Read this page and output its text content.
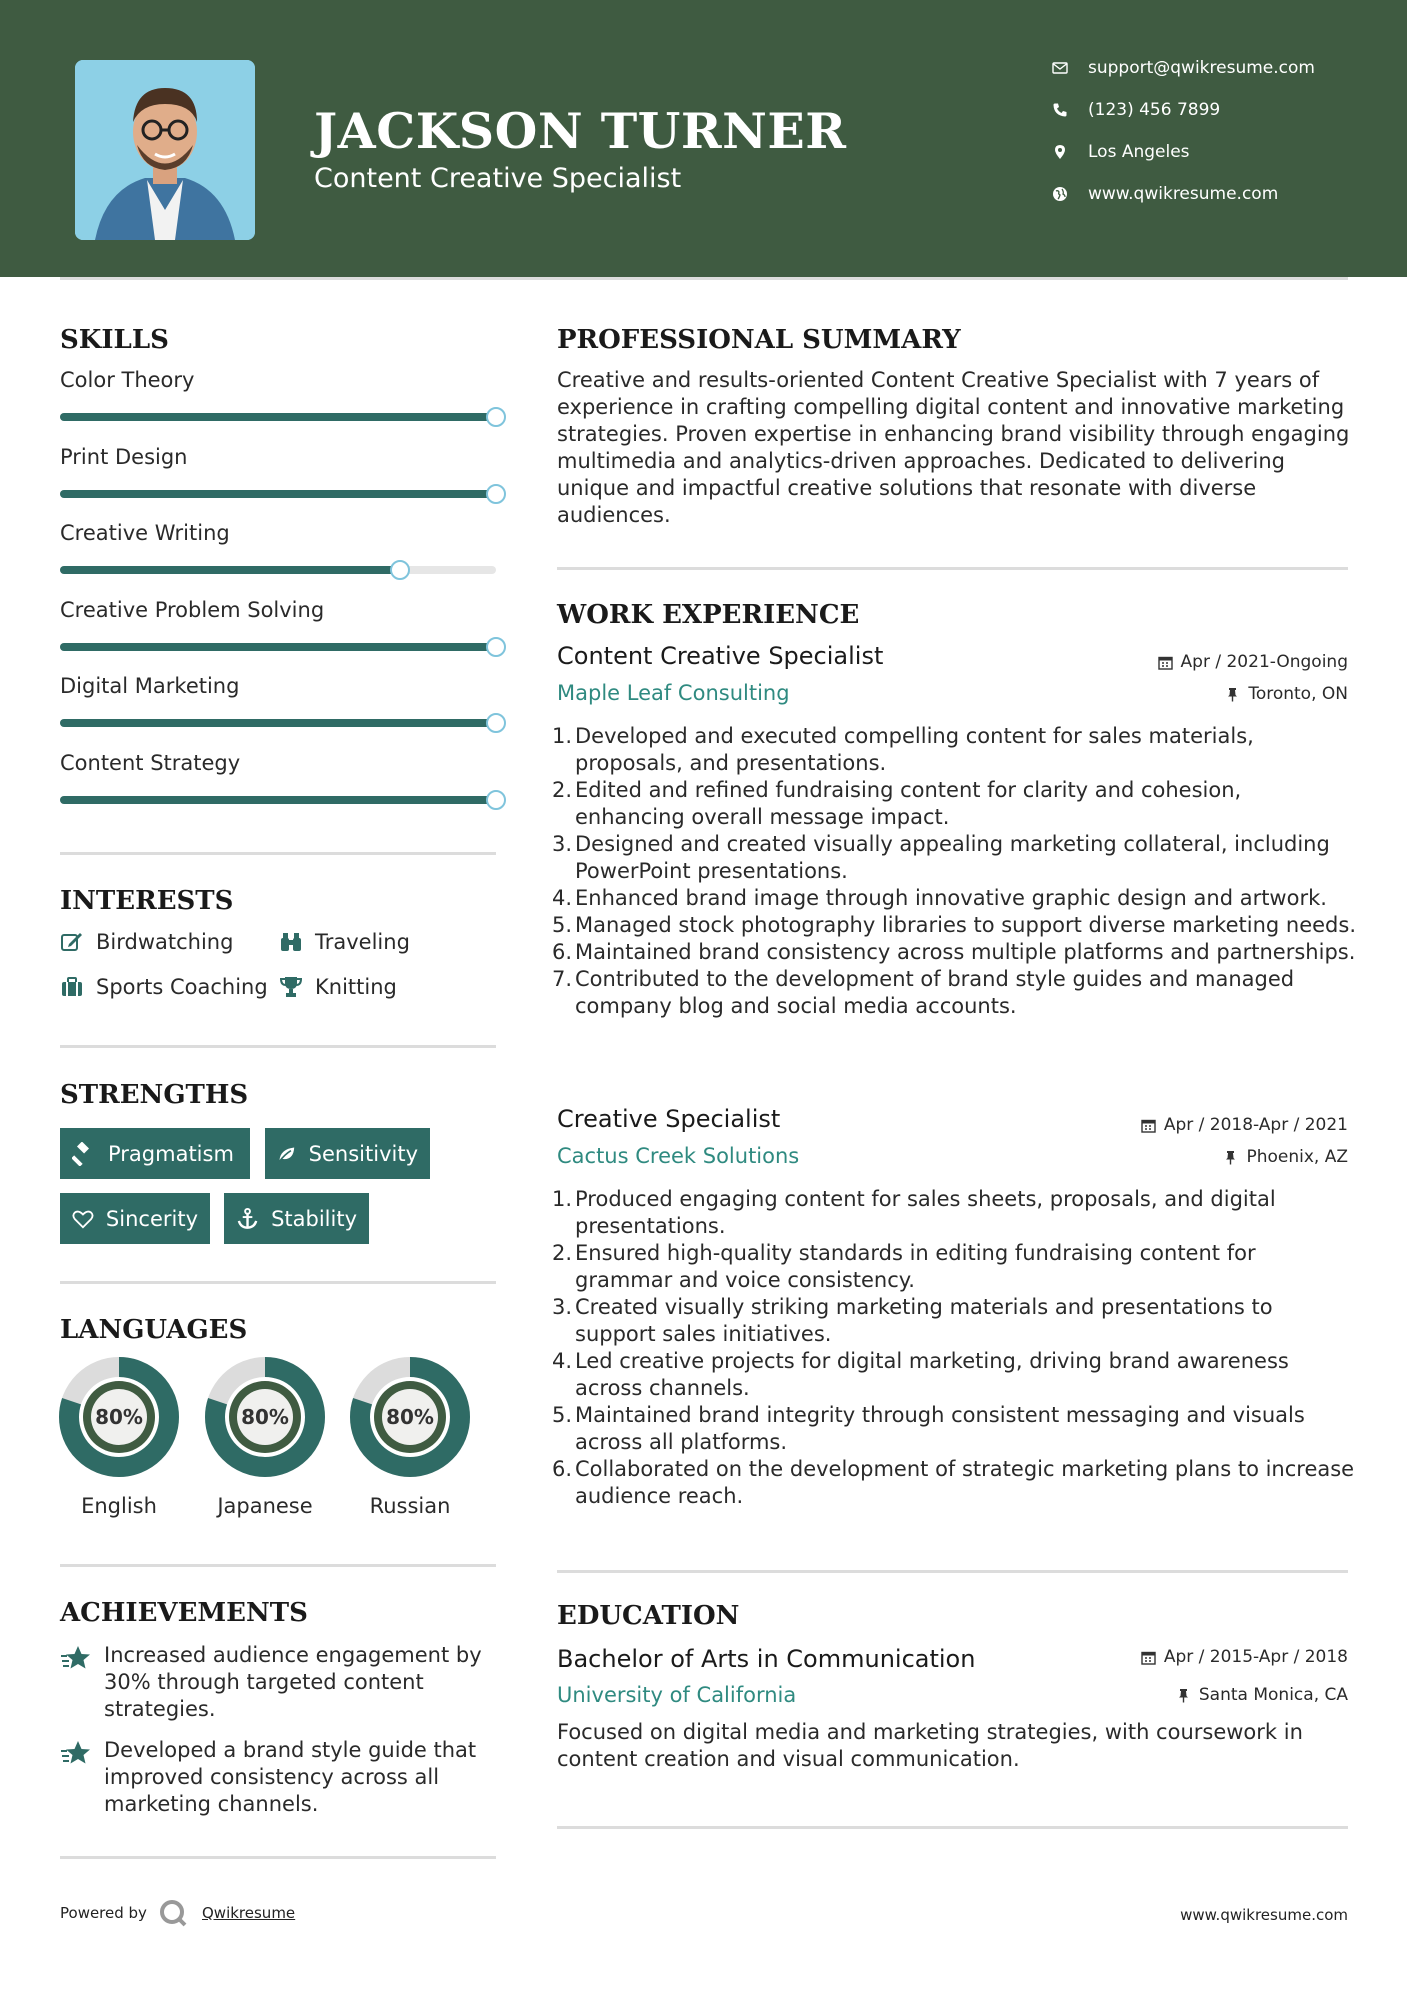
JACKSON TURNER
Content Creative Specialist
support@qwikresume.com
(123) 456 7899
Los Angeles
www.qwikresume.com
SKILLS
Color Theory
Print Design
Creative Writing
Creative Problem Solving
Digital Marketing
Content Strategy
INTERESTS
Birdwatching	Traveling
Sports Coaching Knitting
STRENGTHS
Pragmatism	Sensitivity
Sincerity	Stability
LANGUAGES
80%
English
80%
Japanese
80%
Russian
ACHIEVEMENTS
Increased audience engagement by 30% through targeted content strategies.
Developed a brand style guide that improved consistency across all marketing channels.
PROFESSIONAL SUMMARY
Creative and results-oriented Content Creative Specialist with 7 years of experience in crafting compelling digital content and innovative marketing strategies. Proven expertise in enhancing brand visibility through engaging multimedia and analytics-driven approaches. Dedicated to delivering unique and impactful creative solutions that resonate with diverse audiences.
WORK EXPERIENCE
Content Creative Specialist	Apr / 2021-Ongoing
Maple Leaf Consulting	Toronto, ON
1. Developed and executed compelling content for sales materials, proposals, and presentations.
2. Edited and refined fundraising content for clarity and cohesion, enhancing overall message impact.
3. Designed and created visually appealing marketing collateral, including PowerPoint presentations.
4. Enhanced brand image through innovative graphic design and artwork.
5. Managed stock photography libraries to support diverse marketing needs.
6. Maintained brand consistency across multiple platforms and partnerships.
7. Contributed to the development of brand style guides and managed company blog and social media accounts.
Creative Specialist	Apr / 2018-Apr / 2021
Cactus Creek Solutions	Phoenix, AZ
1. Produced engaging content for sales sheets, proposals, and digital presentations.
2. Ensured high-quality standards in editing fundraising content for grammar and voice consistency.
3. Created visually striking marketing materials and presentations to support sales initiatives.
4. Led creative projects for digital marketing, driving brand awareness across channels.
5. Maintained brand integrity through consistent messaging and visuals across all platforms.
6. Collaborated on the development of strategic marketing plans to increase audience reach.
EDUCATION
Bachelor of Arts in Communication	Apr / 2015-Apr / 2018
University of California	Santa Monica, CA
Focused on digital media and marketing strategies, with coursework in content creation and visual communication.
Powered by	Qwikresume	www.qwikresume.com
